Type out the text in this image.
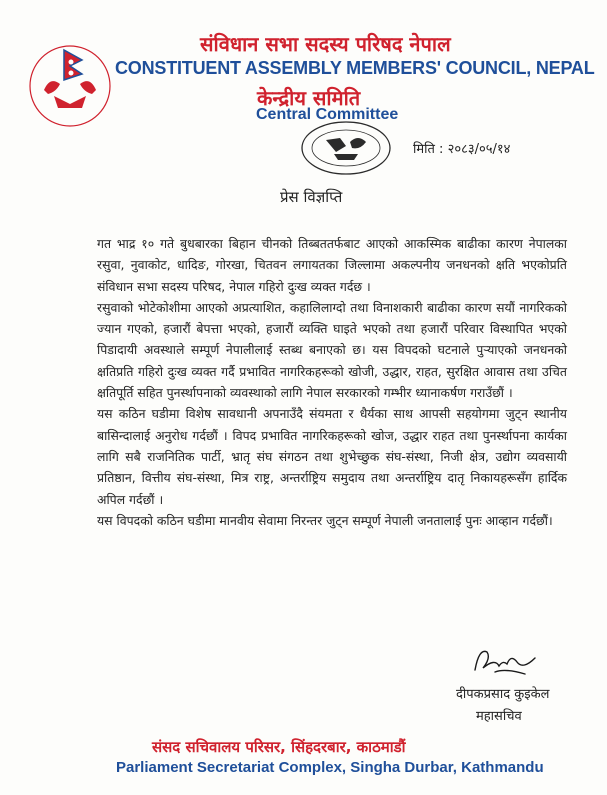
संविधान सभा सदस्य परिषद नेपाल
CONSTITUENT ASSEMBLY MEMBERS' COUNCIL, NEPAL
केन्द्रीय समिति
Central Committee
मिति : २०८३/०५/१४
प्रेस विज्ञप्ति

गत भाद्र १० गते बुधबारका बिहान चीनको तिब्बततर्फबाट आएको आकस्मिक बाढीका कारण नेपालका रसुवा, नुवाकोट, धादिङ, गोरखा, चितवन लगायतका जिल्लामा अकल्पनीय जनधनको क्षति भएकोप्रति संविधान सभा सदस्य परिषद, नेपाल गहिरो दुःख व्यक्त गर्दछ ।

रसुवाको भोटेकोशीमा आएको अप्रत्याशित, कहालिलाग्दो तथा विनाशकारी बाढीका कारण सयौं नागरिकको ज्यान गएको, हजारौं बेपत्ता भएको, हजारौं व्यक्ति घाइते भएको तथा हजारौं परिवार विस्थापित भएको पिडादायी अवस्थाले सम्पूर्ण नेपालीलाई स्तब्ध बनाएको छ। यस विपदको घटनाले पुऱ्याएको जनधनको क्षतिप्रति गहिरो दुःख व्यक्त गर्दै प्रभावित नागरिकहरूको खोजी, उद्धार, राहत, सुरक्षित आवास तथा उचित क्षतिपूर्ति सहित पुनर्स्थापनाको व्यवस्थाको लागि नेपाल सरकारको गम्भीर ध्यानाकर्षण गराउँछौं ।

यस कठिन घडीमा विशेष सावधानी अपनाउँदै संयमता र धैर्यका साथ आपसी सहयोगमा जुट्न स्थानीय बासिन्दालाई अनुरोध गर्दछौं । विपद प्रभावित नागरिकहरूको खोज, उद्धार राहत तथा पुनर्स्थापना कार्यका लागि सबै राजनितिक पार्टी, भ्रातृ संघ संगठन तथा शुभेच्छुक संघ-संस्था, निजी क्षेत्र, उद्योग व्यवसायी प्रतिष्ठान, वित्तीय संघ-संस्था, मित्र राष्ट्र, अन्तर्राष्ट्रिय समुदाय तथा अन्तर्राष्ट्रिय दातृ निकायहरूसँग हार्दिक अपिल गर्दछौं ।

यस विपदको कठिन घडीमा मानवीय सेवामा निरन्तर जुट्न सम्पूर्ण नेपाली जनतालाई पुनः आव्हान गर्दछौं।

दीपकप्रसाद कुइकेल
महासचिव
संसद सचिवालय परिसर, सिंहदरबार, काठमाडौं
Parliament Secretariat Complex, Singha Durbar, Kathmandu
